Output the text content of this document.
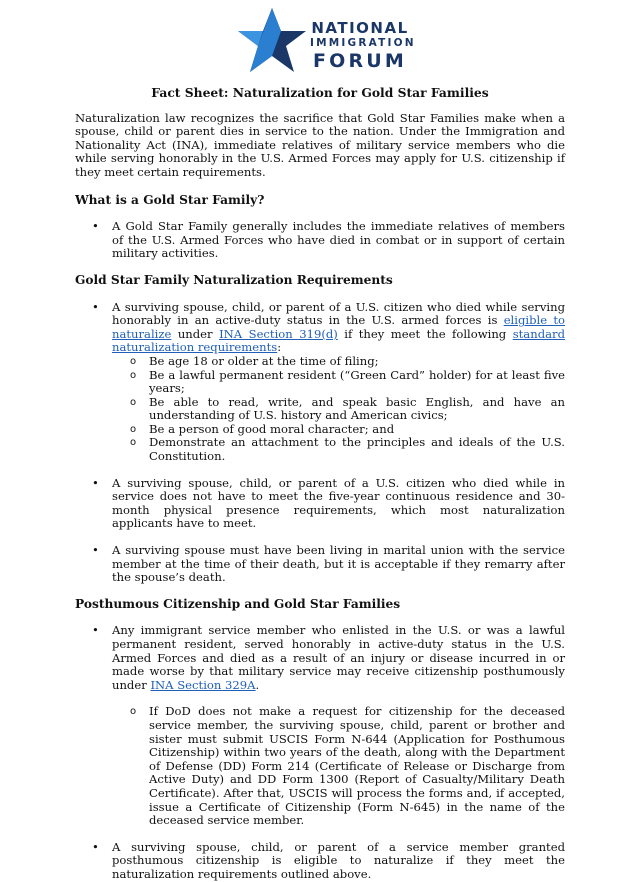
NATIONAL
IMMIGRATION
FORUM
Fact Sheet: Naturalization for Gold Star Families

Naturalization law recognizes the sacrifice that Gold Star Families make when a spouse, child or parent dies in service to the nation. Under the Immigration and Nationality Act (INA), immediate relatives of military service members who die while serving honorably in the U.S. Armed Forces may apply for U.S. citizenship if they meet certain requirements.

What is a Gold Star Family?
• A Gold Star Family generally includes the immediate relatives of members of the U.S. Armed Forces who have died in combat or in support of certain military activities.
Gold Star Family Naturalization Requirements
• A surviving spouse, child, or parent of a U.S. citizen who died while serving honorably in an active-duty status in the U.S. armed forces is eligible to naturalize under INA Section 319(d) if they meet the following standard naturalization requirements:
o Be age 18 or older at the time of filing;
o Be a lawful permanent resident (“Green Card” holder) for at least five years;
o Be able to read, write, and speak basic English, and have an understanding of U.S. history and American civics;
o Be a person of good moral character; and
o Demonstrate an attachment to the principles and ideals of the U.S. Constitution.
• A surviving spouse, child, or parent of a U.S. citizen who died while in service does not have to meet the five-year continuous residence and 30-month physical presence requirements, which most naturalization applicants have to meet.
• A surviving spouse must have been living in marital union with the service member at the time of their death, but it is acceptable if they remarry after the spouse’s death.
Posthumous Citizenship and Gold Star Families
• Any immigrant service member who enlisted in the U.S. or was a lawful permanent resident, served honorably in active-duty status in the U.S. Armed Forces and died as a result of an injury or disease incurred in or made worse by that military service may receive citizenship posthumously under INA Section 329A.
o If DoD does not make a request for citizenship for the deceased service member, the surviving spouse, child, parent or brother and sister must submit USCIS Form N-644 (Application for Posthumous Citizenship) within two years of the death, along with the Department of Defense (DD) Form 214 (Certificate of Release or Discharge from Active Duty) and DD Form 1300 (Report of Casualty/Military Death Certificate). After that, USCIS will process the forms and, if accepted, issue a Certificate of Citizenship (Form N-645) in the name of the deceased service member.
• A surviving spouse, child, or parent of a service member granted posthumous citizenship is eligible to naturalize if they meet the naturalization requirements outlined above.
